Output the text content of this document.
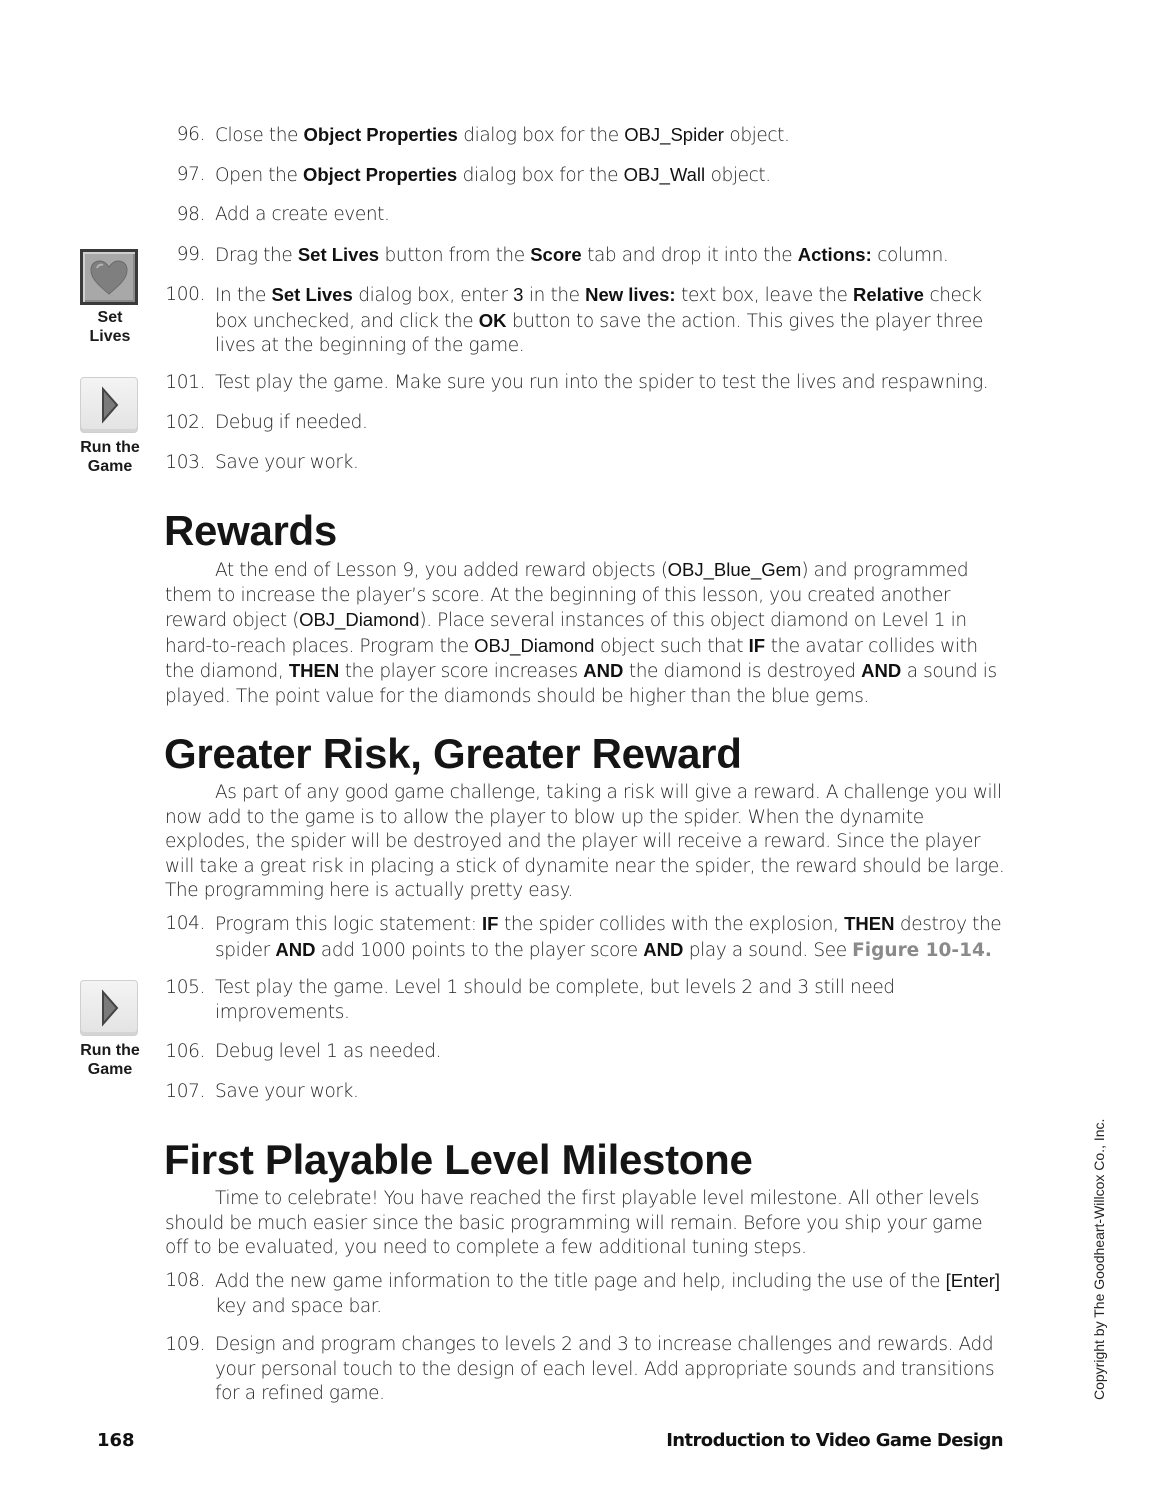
Set
Lives
Run the
Game
Run the
Game
96. Close the Object Properties dialog box for the OBJ_Spider object.
97. Open the Object Properties dialog box for the OBJ_Wall object.
98. Add a create event.
99. Drag the Set Lives button from the Score tab and drop it into the Actions: column.
100. In the Set Lives dialog box, enter 3 in the New lives: text box, leave the Relative check box unchecked, and click the OK button to save the action. This gives the player three lives at the beginning of the game.
101. Test play the game. Make sure you run into the spider to test the lives and respawning.
102. Debug if needed.
103. Save your work.
Rewards

At the end of Lesson 9, you added reward objects (OBJ_Blue_Gem) and programmed them to increase the player’s score. At the beginning of this lesson, you created another reward object (OBJ_Diamond). Place several instances of this object diamond on Level 1 in hard-to-reach places. Program the OBJ_Diamond object such that IF the avatar collides with the diamond, THEN the player score increases AND the diamond is destroyed AND a sound is played. The point value for the diamonds should be higher than the blue gems.

Greater Risk, Greater Reward

As part of any good game challenge, taking a risk will give a reward. A challenge you will now add to the game is to allow the player to blow up the spider. When the dynamite explodes, the spider will be destroyed and the player will receive a reward. Since the player will take a great risk in placing a stick of dynamite near the spider, the reward should be large. The programming here is actually pretty easy.

104. Program this logic statement: IF the spider collides with the explosion, THEN destroy the spider AND add 1000 points to the player score AND play a sound. See Figure 10-14.
105. Test play the game. Level 1 should be complete, but levels 2 and 3 still need improvements.
106. Debug level 1 as needed.
107. Save your work.
First Playable Level Milestone

Time to celebrate! You have reached the first playable level milestone. All other levels should be much easier since the basic programming will remain. Before you ship your game off to be evaluated, you need to complete a few additional tuning steps.

108. Add the new game information to the title page and help, including the use of the [Enter] key and space bar.
109. Design and program changes to levels 2 and 3 to increase challenges and rewards. Add your personal touch to the design of each level. Add appropriate sounds and transitions for a refined game.
168	Introduction to Video Game Design
Copyright by The Goodheart-Willcox Co., Inc.
